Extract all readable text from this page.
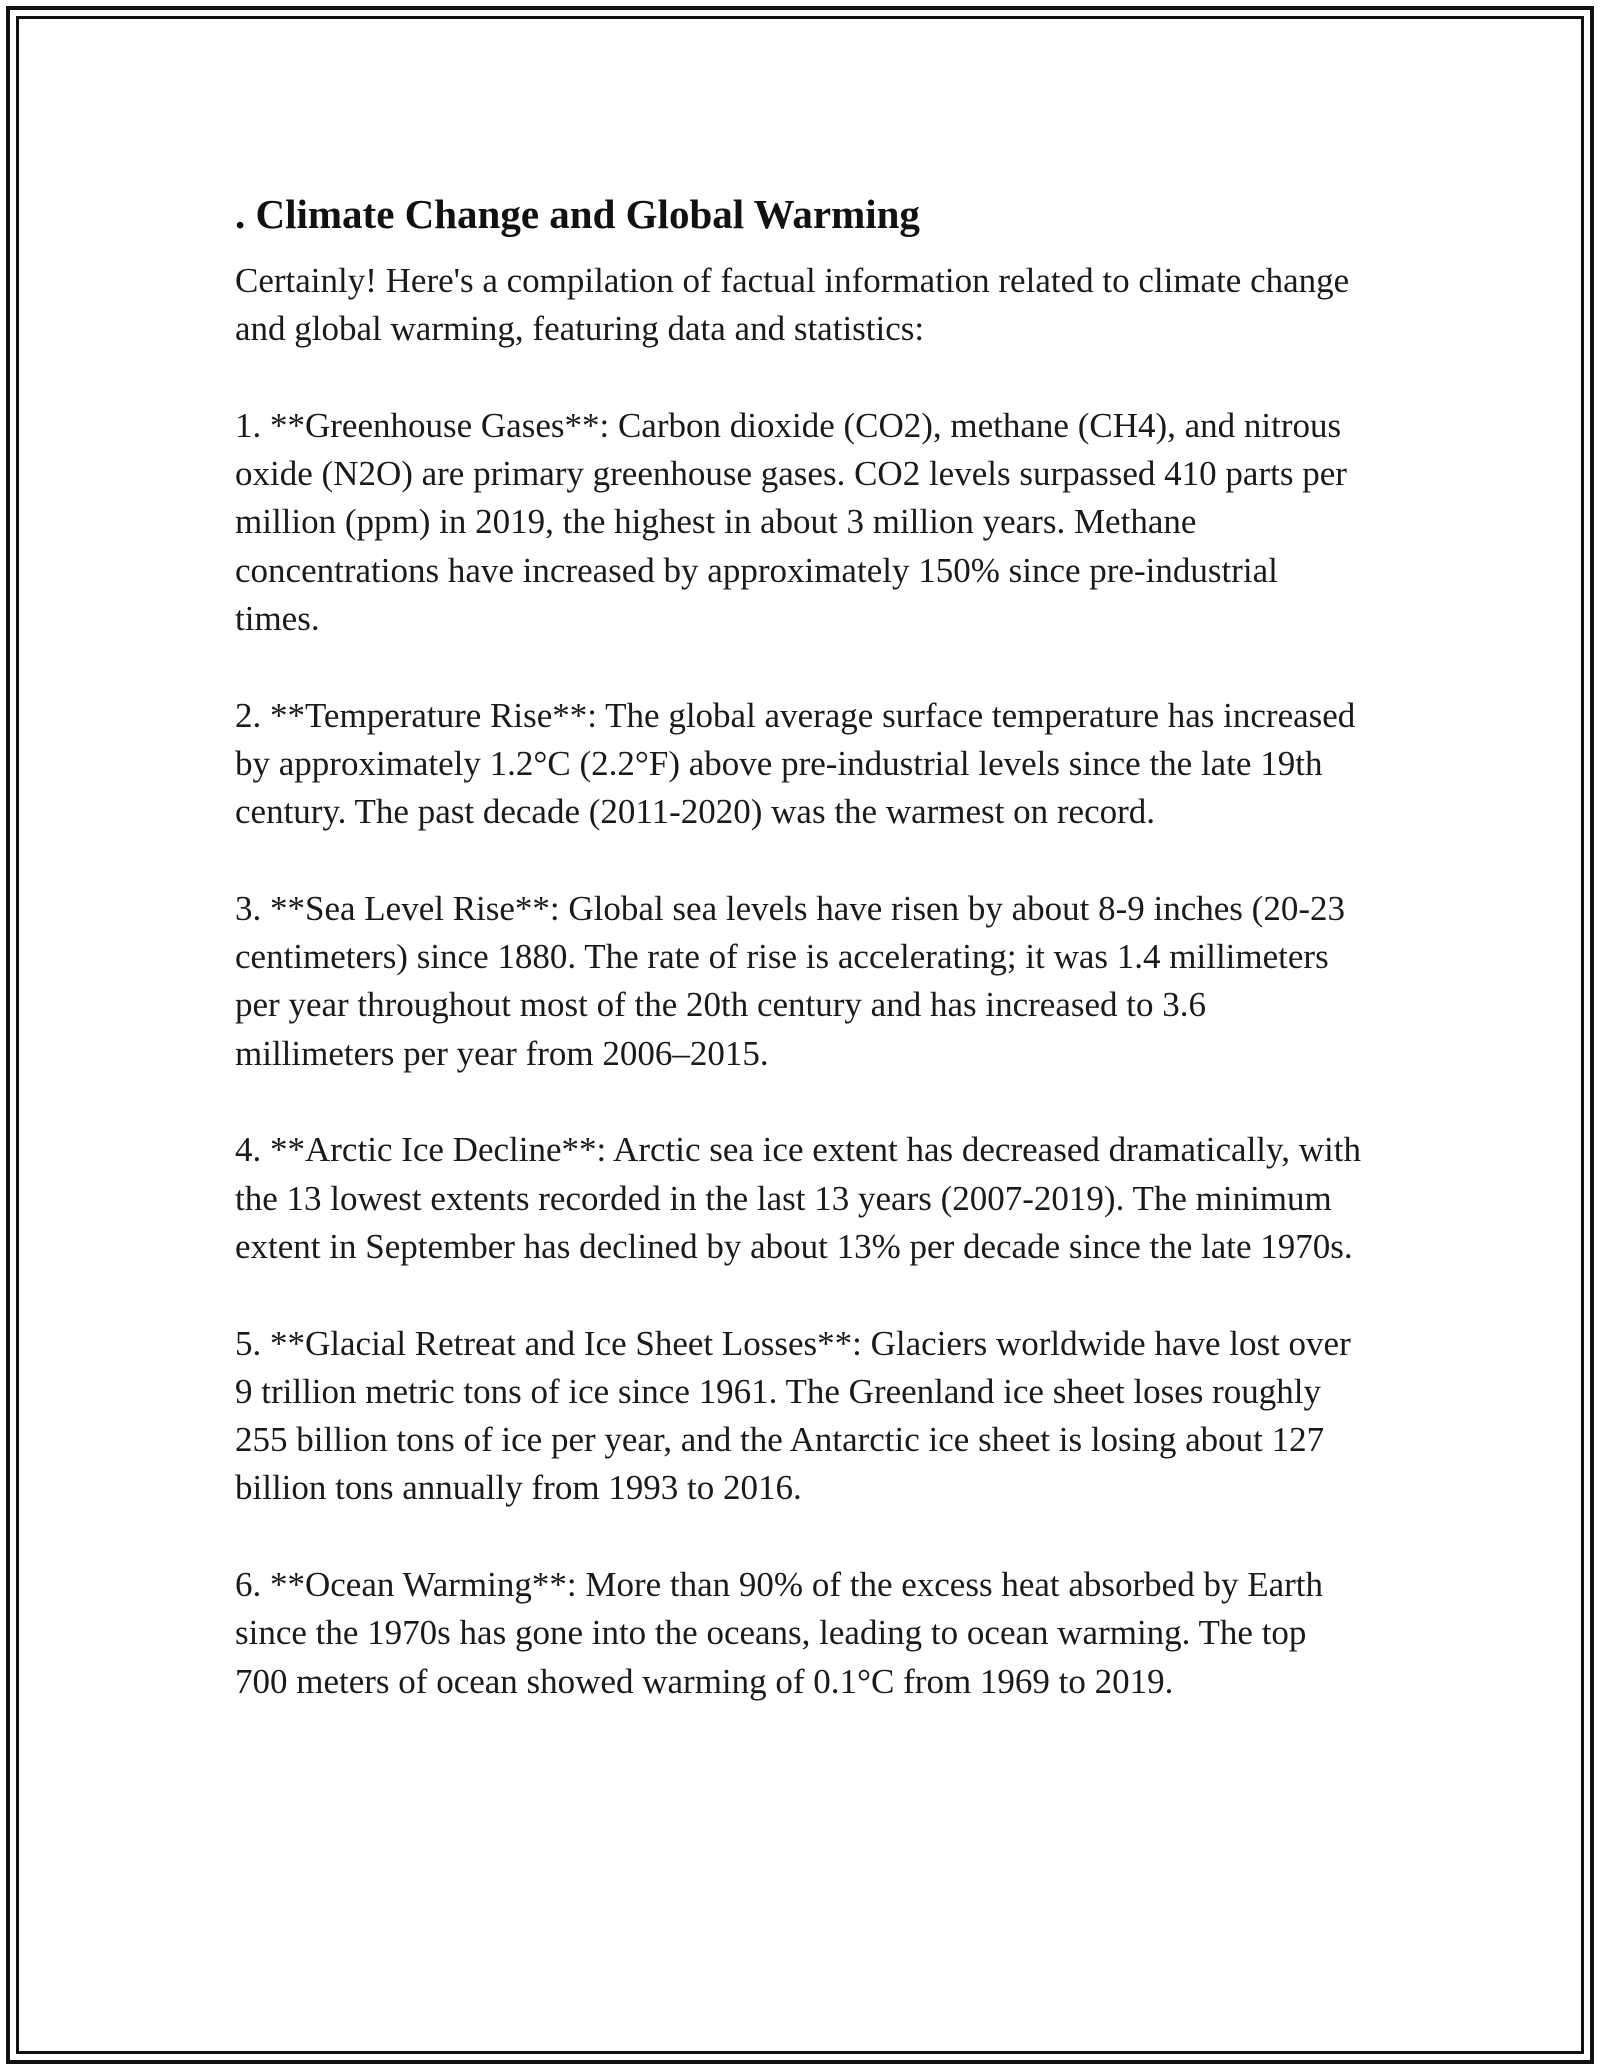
. Climate Change and Global Warming

Certainly! Here's a compilation of factual information related to climate change and global warming, featuring data and statistics:

1. **Greenhouse Gases**: Carbon dioxide (CO2), methane (CH4), and nitrous oxide (N2O) are primary greenhouse gases. CO2 levels surpassed 410 parts per million (ppm) in 2019, the highest in about 3 million years. Methane concentrations have increased by approximately 150% since pre-industrial times.

2. **Temperature Rise**: The global average surface temperature has increased by approximately 1.2°C (2.2°F) above pre-industrial levels since the late 19th century. The past decade (2011-2020) was the warmest on record.

3. **Sea Level Rise**: Global sea levels have risen by about 8-9 inches (20-23 centimeters) since 1880. The rate of rise is accelerating; it was 1.4 millimeters per year throughout most of the 20th century and has increased to 3.6 millimeters per year from 2006–2015.

4. **Arctic Ice Decline**: Arctic sea ice extent has decreased dramatically, with the 13 lowest extents recorded in the last 13 years (2007-2019). The minimum extent in September has declined by about 13% per decade since the late 1970s.

5. **Glacial Retreat and Ice Sheet Losses**: Glaciers worldwide have lost over 9 trillion metric tons of ice since 1961. The Greenland ice sheet loses roughly 255 billion tons of ice per year, and the Antarctic ice sheet is losing about 127 billion tons annually from 1993 to 2016.

6. **Ocean Warming**: More than 90% of the excess heat absorbed by Earth since the 1970s has gone into the oceans, leading to ocean warming. The top 700 meters of ocean showed warming of 0.1°C from 1969 to 2019.
